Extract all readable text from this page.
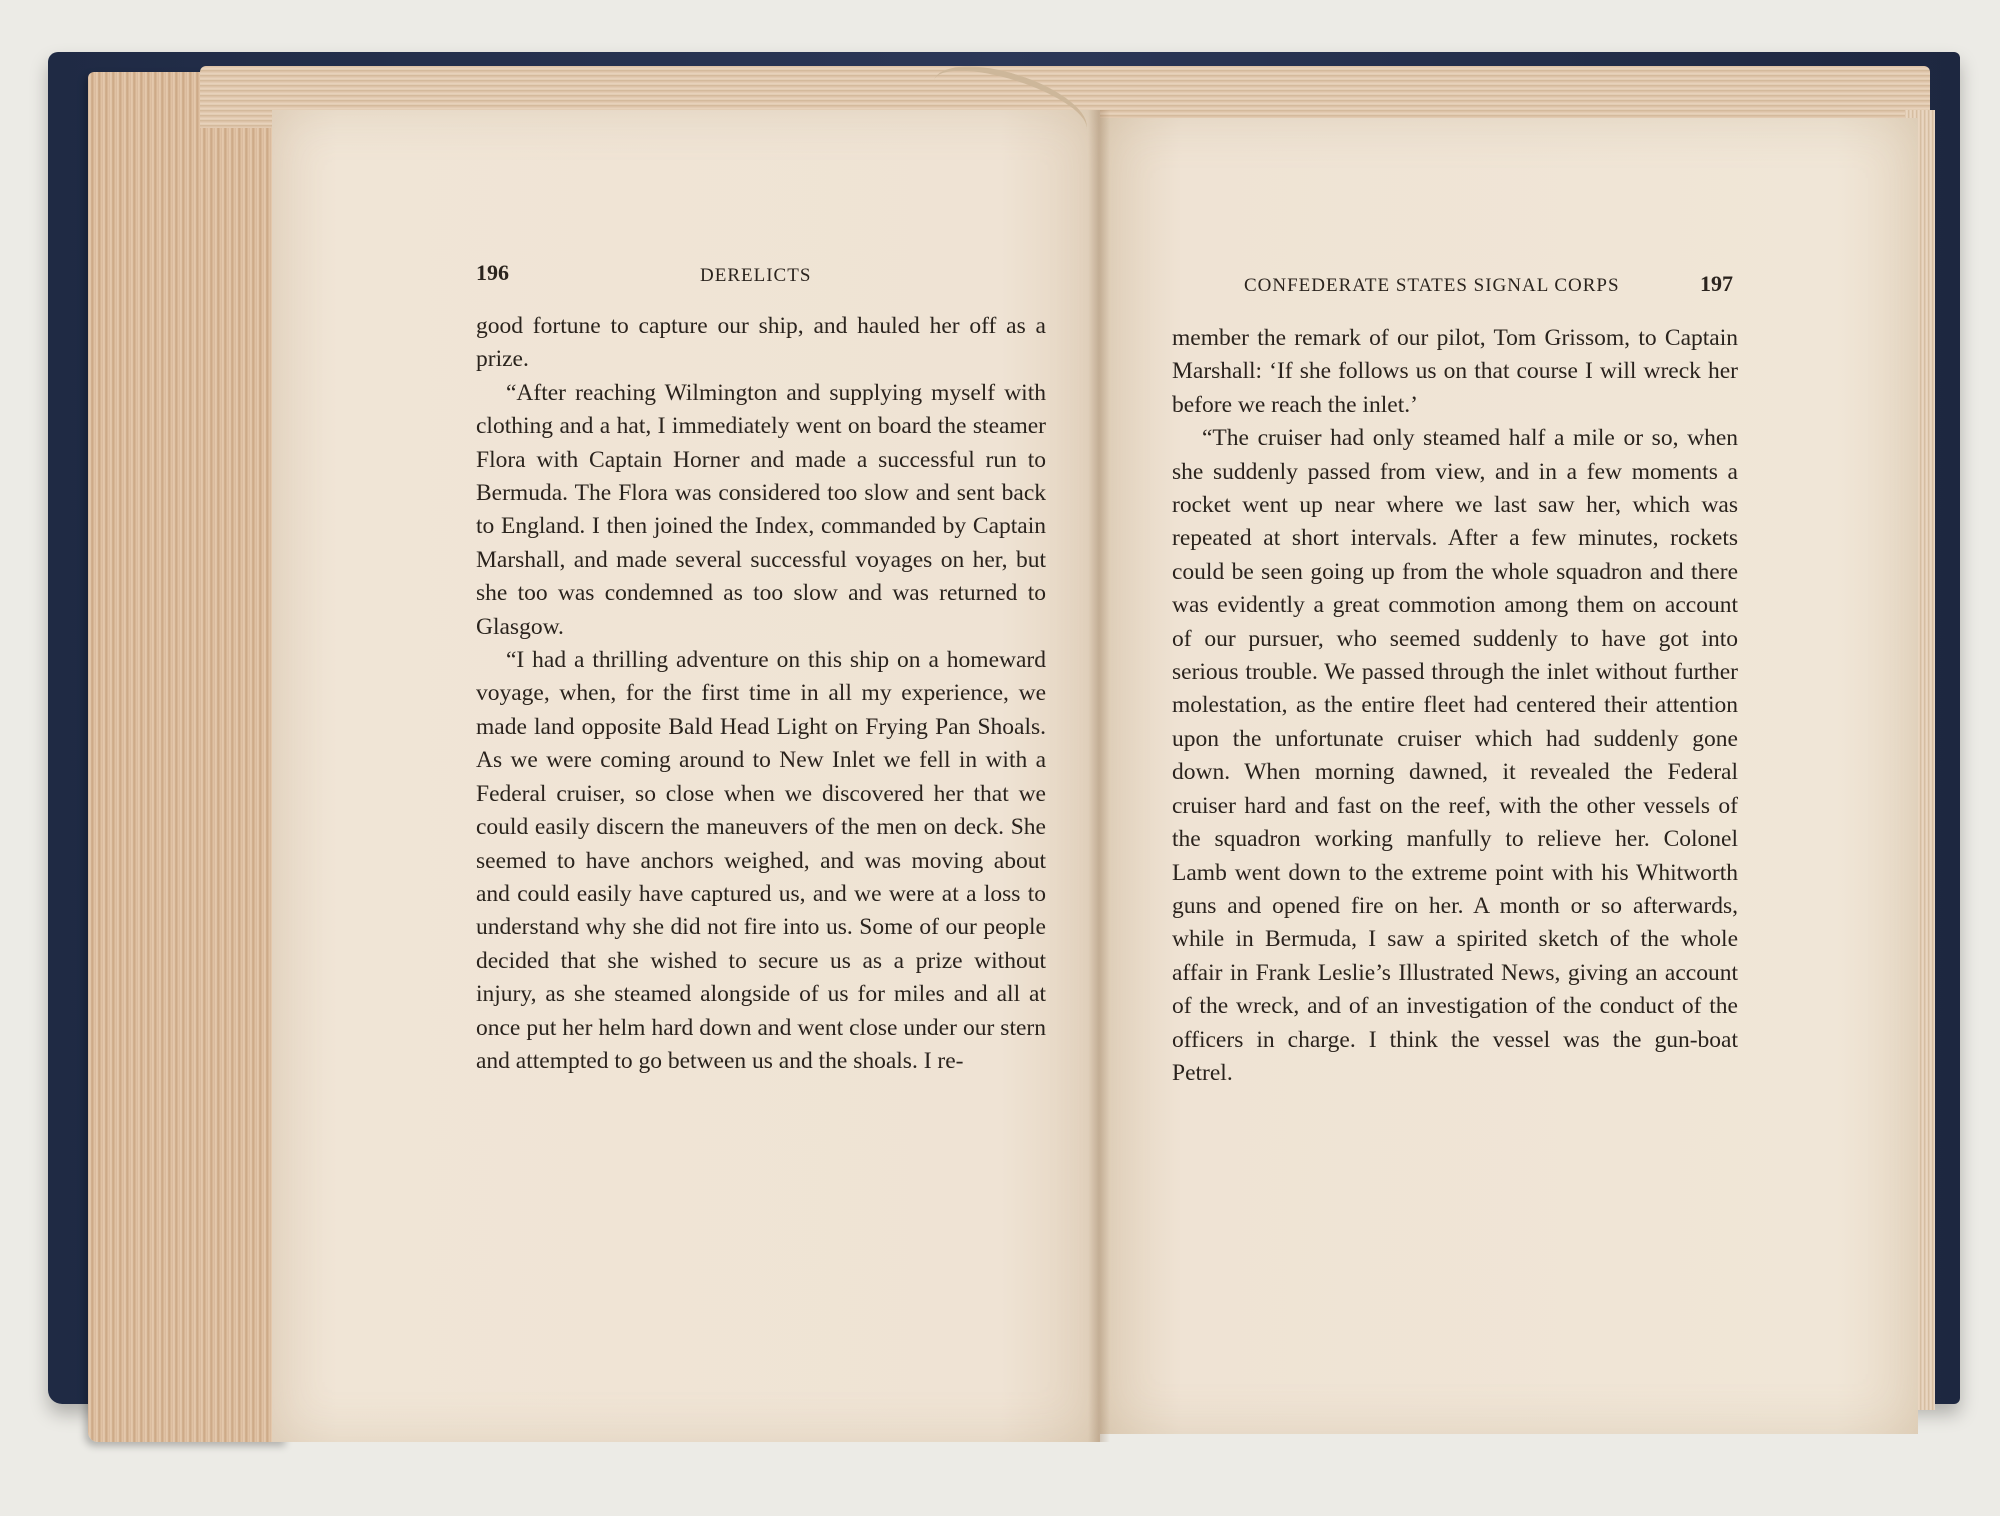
196	DERELICTS

good fortune to capture our ship, and hauled her off as a prize.

“After reaching Wilmington and supplying myself with clothing and a hat, I immediately went on board the steamer Flora with Captain Horner and made a successful run to Bermuda. The Flora was considered too slow and sent back to England. I then joined the Index, commanded by Captain Marshall, and made several successful voyages on her, but she too was condemned as too slow and was returned to Glasgow.

“I had a thrilling adventure on this ship on a homeward voyage, when, for the first time in all my experience, we made land opposite Bald Head Light on Frying Pan Shoals. As we were coming around to New Inlet we fell in with a Federal cruiser, so close when we discovered her that we could easily discern the maneuvers of the men on deck. She seemed to have anchors weighed, and was moving about and could easily have captured us, and we were at a loss to understand why she did not fire into us. Some of our people decided that she wished to secure us as a prize without injury, as she steamed alongside of us for miles and all at once put her helm hard down and went close under our stern and attempted to go between us and the shoals. I re-

CONFEDERATE STATES SIGNAL CORPS	197

member the remark of our pilot, Tom Grissom, to Captain Marshall: ‘If she follows us on that course I will wreck her before we reach the inlet.’

“The cruiser had only steamed half a mile or so, when she suddenly passed from view, and in a few moments a rocket went up near where we last saw her, which was repeated at short intervals. After a few minutes, rockets could be seen going up from the whole squadron and there was evidently a great commotion among them on account of our pursuer, who seemed suddenly to have got into serious trouble. We passed through the inlet without further molestation, as the entire fleet had centered their attention upon the unfortunate cruiser which had suddenly gone down. When morning dawned, it revealed the Federal cruiser hard and fast on the reef, with the other vessels of the squadron working manfully to relieve her. Colonel Lamb went down to the extreme point with his Whitworth guns and opened fire on her. A month or so afterwards, while in Bermuda, I saw a spirited sketch of the whole affair in Frank Leslie’s Illustrated News, giving an account of the wreck, and of an investigation of the conduct of the officers in charge. I think the vessel was the gun-boat Petrel.
